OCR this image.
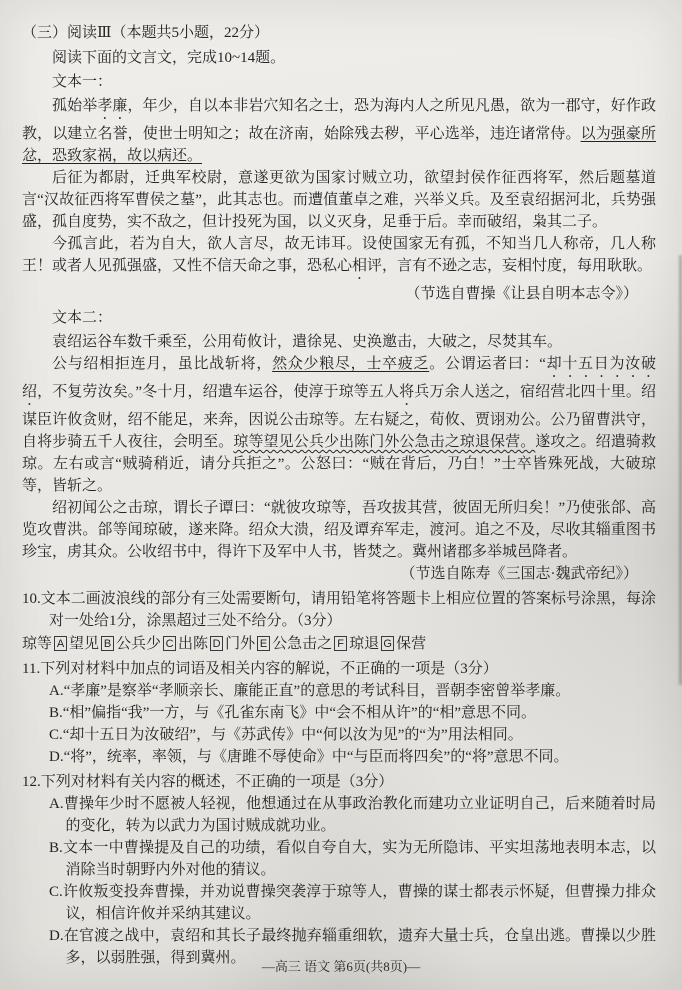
（三）阅读Ⅲ（本题共5小题，22分）

阅读下面的文言文，完成10~14题。

文本一：

孤始举孝廉，年少，自以本非岩穴知名之士，恐为海内人之所见凡愚，欲为一郡守，好作政教，以建立名誉，使世士明知之；故在济南，始除残去秽，平心选举，违迕诸常侍。以为强豪所忿，恐致家祸，故以病还。

后征为都尉，迁典军校尉，意遂更欲为国家讨贼立功，欲望封侯作征西将军，然后题墓道言“汉故征西将军曹侯之墓”，此其志也。而遭值董卓之难，兴举义兵。及至袁绍据河北，兵势强盛，孤自度势，实不敌之，但计投死为国，以义灭身，足垂于后。幸而破绍，枭其二子。

今孤言此，若为自大，欲人言尽，故无讳耳。设使国家无有孤，不知当几人称帝，几人称王！或者人见孤强盛，又性不信天命之事，恐私心相评，言有不逊之志，妄相忖度，每用耿耿。

（节选自曹操《让县自明本志令》）

文本二：

袁绍运谷车数千乘至，公用荀攸计，遣徐晃、史涣邀击，大破之，尽焚其车。

公与绍相拒连月，虽比战斩将，然众少粮尽，士卒疲乏。公谓运者曰：“却十五日为汝破绍，不复劳汝矣。”冬十月，绍遣车运谷，使淳于琼等五人将兵万余人送之，宿绍营北四十里。绍谋臣许攸贪财，绍不能足，来奔，因说公击琼等。左右疑之，荀攸、贾诩劝公。公乃留曹洪守，自将步骑五千人夜往，会明至。琼等望见公兵少出陈门外公急击之琼退保营。遂攻之。绍遣骑救琼。左右或言“贼骑稍近，请分兵拒之”。公怒曰：“贼在背后，乃白！”士卒皆殊死战，大破琼等，皆斩之。

绍初闻公之击琼，谓长子谭曰：“就彼攻琼等，吾攻拔其营，彼固无所归矣！”乃使张郃、高览攻曹洪。郃等闻琼破，遂来降。绍众大溃，绍及谭弃军走，渡河。追之不及，尽收其辎重图书珍宝，虏其众。公收绍书中，得许下及军中人书，皆焚之。冀州诸郡多举城邑降者。

（节选自陈寿《三国志·魏武帝纪》）

10.文本二画波浪线的部分有三处需要断句，请用铅笔将答题卡上相应位置的答案标号涂黑，每涂对一处给1分，涂黑超过三处不给分。（3分）

琼等 A 望见 B 公兵少 C 出陈 D 门外 E 公急击之 F 琼退 G 保营

11.下列对材料中加点的词语及相关内容的解说，不正确的一项是（3分）

A.“孝廉”是察举“孝顺亲长、廉能正直”的意思的考试科目，晋朝李密曾举孝廉。

B.“相”偏指“我”一方，与《孔雀东南飞》中“会不相从许”的“相”意思不同。

C.“却十五日为汝破绍”，与《苏武传》中“何以汝为见”的“为”用法相同。

D.“将”，统率，率领，与《唐雎不辱使命》中“与臣而将四矣”的“将”意思不同。

12.下列对材料有关内容的概述，不正确的一项是（3分）

A.曹操年少时不愿被人轻视，他想通过在从事政治教化而建功立业证明自己，后来随着时局的变化，转为以武力为国讨贼成就功业。

B.文本一中曹操提及自己的功绩，看似自夸自大，实为无所隐讳、平实坦荡地表明本志，以消除当时朝野内外对他的猜议。

C.许攸叛变投奔曹操，并劝说曹操突袭淳于琼等人，曹操的谋士都表示怀疑，但曹操力排众议，相信许攸并采纳其建议。

D.在官渡之战中，袁绍和其长子最终抛弃辎重细软，遗弃大量士兵，仓皇出逃。曹操以少胜多，以弱胜强，得到冀州。

—高三 语文 第6页(共8页)—
